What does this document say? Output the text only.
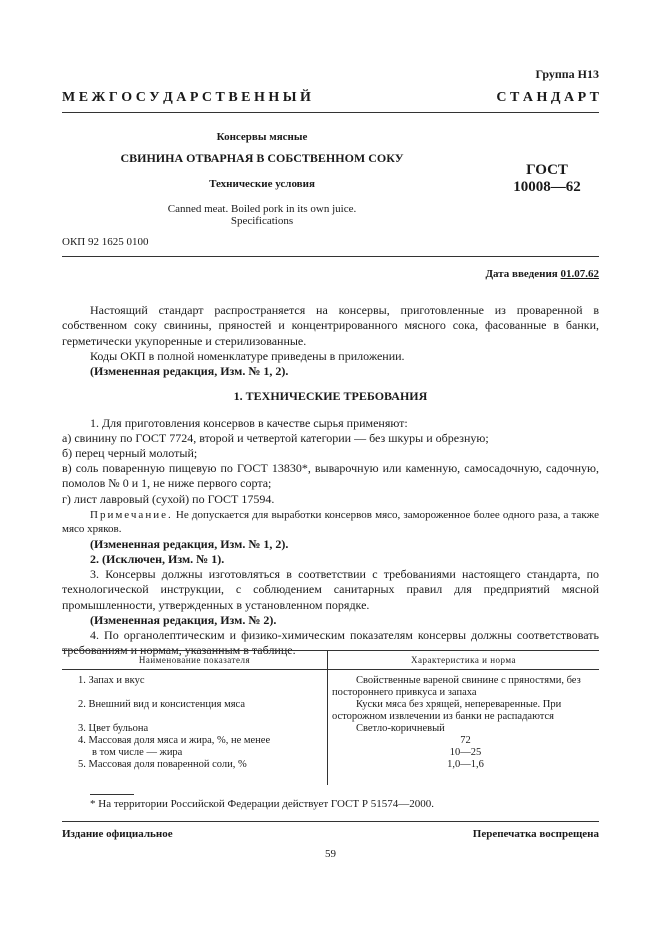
Группа Н13
М Е Ж Г О С У Д А Р С Т В Е Н Н Ы Й	С Т А Н Д А Р Т
Консервы мясные
СВИНИНА ОТВАРНАЯ В СОБСТВЕННОМ СОКУ
Технические условия
Canned meat. Boiled pork in its own juice.
Specifications
ГОСТ
10008—62
ОКП 92 1625 0100
Дата введения 01.07.62
Настоящий стандарт распространяется на консервы, приготовленные из проваренной в собственном соку свинины, пряностей и концентрированного мясного сока, фасованные в банки, герметически укупоренные и стерилизованные.
Коды ОКП в полной номенклатуре приведены в приложении.
(Измененная редакция, Изм. № 1, 2).
1. ТЕХНИЧЕСКИЕ ТРЕБОВАНИЯ
1. Для приготовления консервов в качестве сырья применяют:
а) свинину по ГОСТ 7724, второй и четвертой категории — без шкуры и обрезную;
б) перец черный молотый;
в) соль поваренную пищевую по ГОСТ 13830*, выварочную или каменную, самосадочную, садочную, помолов № 0 и 1, не ниже первого сорта;
г) лист лавровый (сухой) по ГОСТ 17594.
Примечание. Не допускается для выработки консервов мясо, замороженное более одного раза, а также мясо хряков.
(Измененная редакция, Изм. № 1, 2).
2. (Исключен, Изм. № 1).
3. Консервы должны изготовляться в соответствии с требованиями настоящего стандарта, по технологической инструкции, с соблюдением санитарных правил для предприятий мясной промышленности, утвержденных в установленном порядке.
(Измененная редакция, Изм. № 2).
4. По органолептическим и физико-химическим показателям консервы должны соответствовать требованиям и нормам, указанным в таблице.
Наименование показателя	Характеристика и норма
1. Запах и вкус	Свойственные вареной свинине с пряностями, без постороннего привкуса и запаха
2. Внешний вид и консистенция мяса	Куски мяса без хрящей, непереваренные. При осторожном извлечении из банки не распадаются
3. Цвет бульона	Светло-коричневый
4. Массовая доля мяса и жира, %, не менее	72
в том числе — жира	10—25
5. Массовая доля поваренной соли, %	1,0—1,6
* На территории Российской Федерации действует ГОСТ Р 51574—2000.
Издание официальное	Перепечатка воспрещена
59
